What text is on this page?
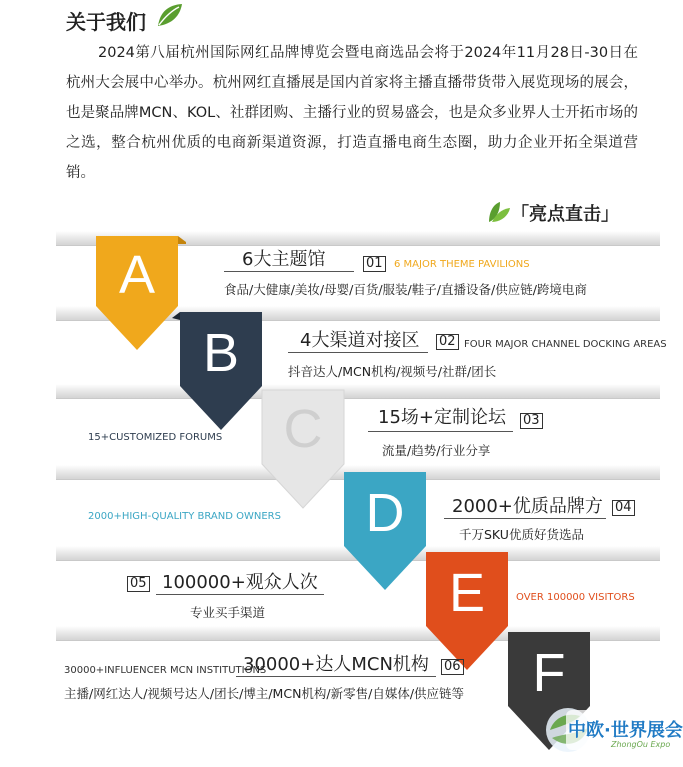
关于我们
2024第八届杭州国际网红品牌博览会暨电商选品会将于2024年11月28日-30日在杭州大会展中心举办。杭州网红直播展是国内首家将主播直播带货带入展览现场的展会，也是聚品牌MCN、KOL、社群团购、主播行业的贸易盛会，也是众多业界人士开拓市场的之选，整合杭州优质的电商新渠道资源，打造直播电商生态圈，助力企业开拓全渠道营销。
「亮点直击」
A
B
C
D
E
F
6大主题馆	01	6 MAJOR THEME PAVILIONS
食品/大健康/美妆/母婴/百货/服装/鞋子/直播设备/供应链/跨境电商
4大渠道对接区 02 FOUR MAJOR CHANNEL DOCKING AREAS
抖音达人/MCN机构/视频号/社群/团长
15场+定制论坛 03
15+CUSTOMIZED FORUMS
流量/趋势/行业分享
2000+优质品牌方 04
2000+HIGH-QUALITY BRAND OWNERS
千万SKU优质好货选品
05 100000+观众人次
OVER 100000 VISITORS
专业买手渠道
30000+INFLUENCER MCN INSTITUTIONS
30000+达人MCN机构 06
主播/网红达人/视频号达人/团长/博主/MCN机构/新零售/自媒体/供应链等
中欧·世界展会
ZhongOu Expo
